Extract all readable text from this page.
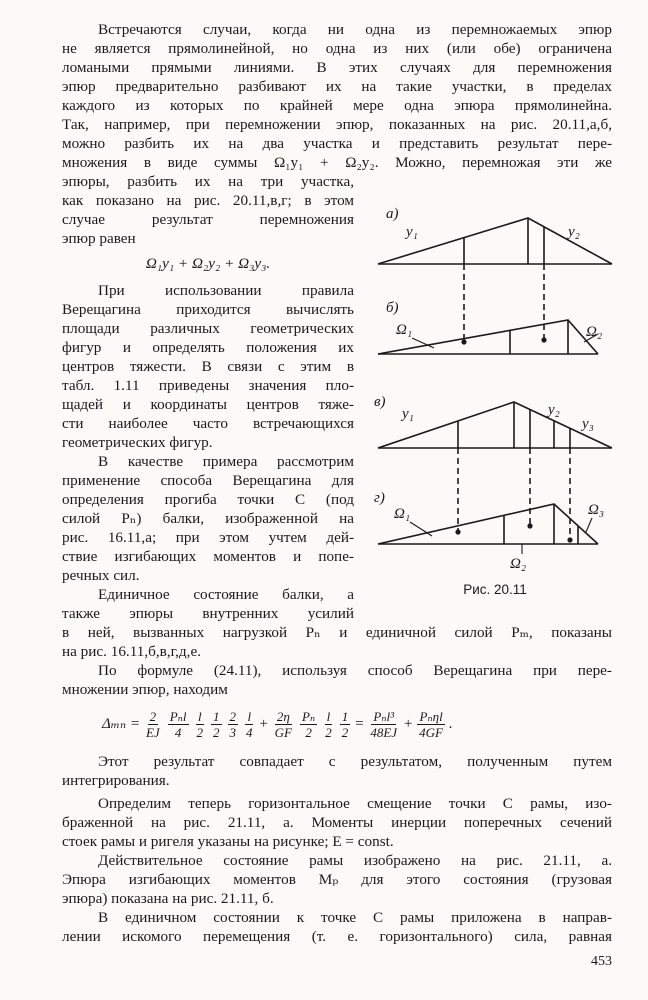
Встречаются случаи, когда ни одна из перемножаемых эпюр

не является прямолинейной, но одна из них (или обе) ограничена

ломаными прямыми линиями. В этих случаях для перемножения

эпюр предварительно разбивают их на такие участки, в пределах

каждого из которых по крайней мере одна эпюра прямолинейна.

Так, например, при перемножении эпюр, показанных на рис. 20.11,а,б,

можно разбить их на два участка и представить результат пере-

множения в виде суммы Ω₁y₁ + Ω₂y₂. Можно, перемножая эти же

эпюры, разбить их на три участка,

как показано на рис. 20.11,в,г; в этом

случае результат перемножения

эпюр равен

Ω₁y₁ + Ω₂y₂ + Ω₃y₃.

При использовании правила

Верещагина приходится вычислять

площади различных геометрических

фигур и определять положения их

центров тяжести. В связи с этим в

табл. 1.11 приведены значения пло-

щадей и координаты центров тяже-

сти наиболее часто встречающихся

геометрических фигур.

В качестве примера рассмотрим

применение способа Верещагина для

определения прогиба точки C (под

силой Pₙ) балки, изображенной на

рис. 16.11,а; при этом учтем дей-

ствие изгибающих моментов и попе-

речных сил.

Единичное состояние балки, а

также эпюры внутренних усилий

в ней, вызванных нагрузкой Pₙ и единичной силой Pₘ, показаны

на рис. 16.11,б,в,г,д,е.

По формуле (24.11), используя способ Верещагина при пере-

множении эпюр, находим

$\Delta_{mn} = \frac{2}{EJ} \frac{\text{Pₙl}}{4} \frac{l}{2} \frac{1}{2} \frac{2}{3} \frac{l}{4} + \frac{2\eta}{GF} \frac{\text{Pₙ}}{2} \frac{l}{2} \frac{1}{2} = \frac{\text{Pₙl³}}{48EJ} + \frac{\text{Pₙηl}}{4GF}$ .

Этот результат совпадает с результатом, полученным путем

интегрирования.

Определим теперь горизонтальное смещение точки C рамы, изо-

браженной на рис. 21.11, а. Моменты инерции поперечных сечений

стоек рамы и ригеля указаны на рисунке; E = const.

Действительное состояние рамы изображено на рис. 21.11, а.

Эпюра изгибающих моментов Mₚ для этого состояния (грузовая

эпюра) показана на рис. 21.11, б.

В единичном состоянии к точке C рамы приложена в направ-

лении искомого перемещения (т. е. горизонтального) сила, равная

а)
б)
в)
г)
y₁	y₂
Ω₁	Ω₂
y₁	y₂
y₃
Ω₁
Ω₂
Ω₃
Рис. 20.11
453
